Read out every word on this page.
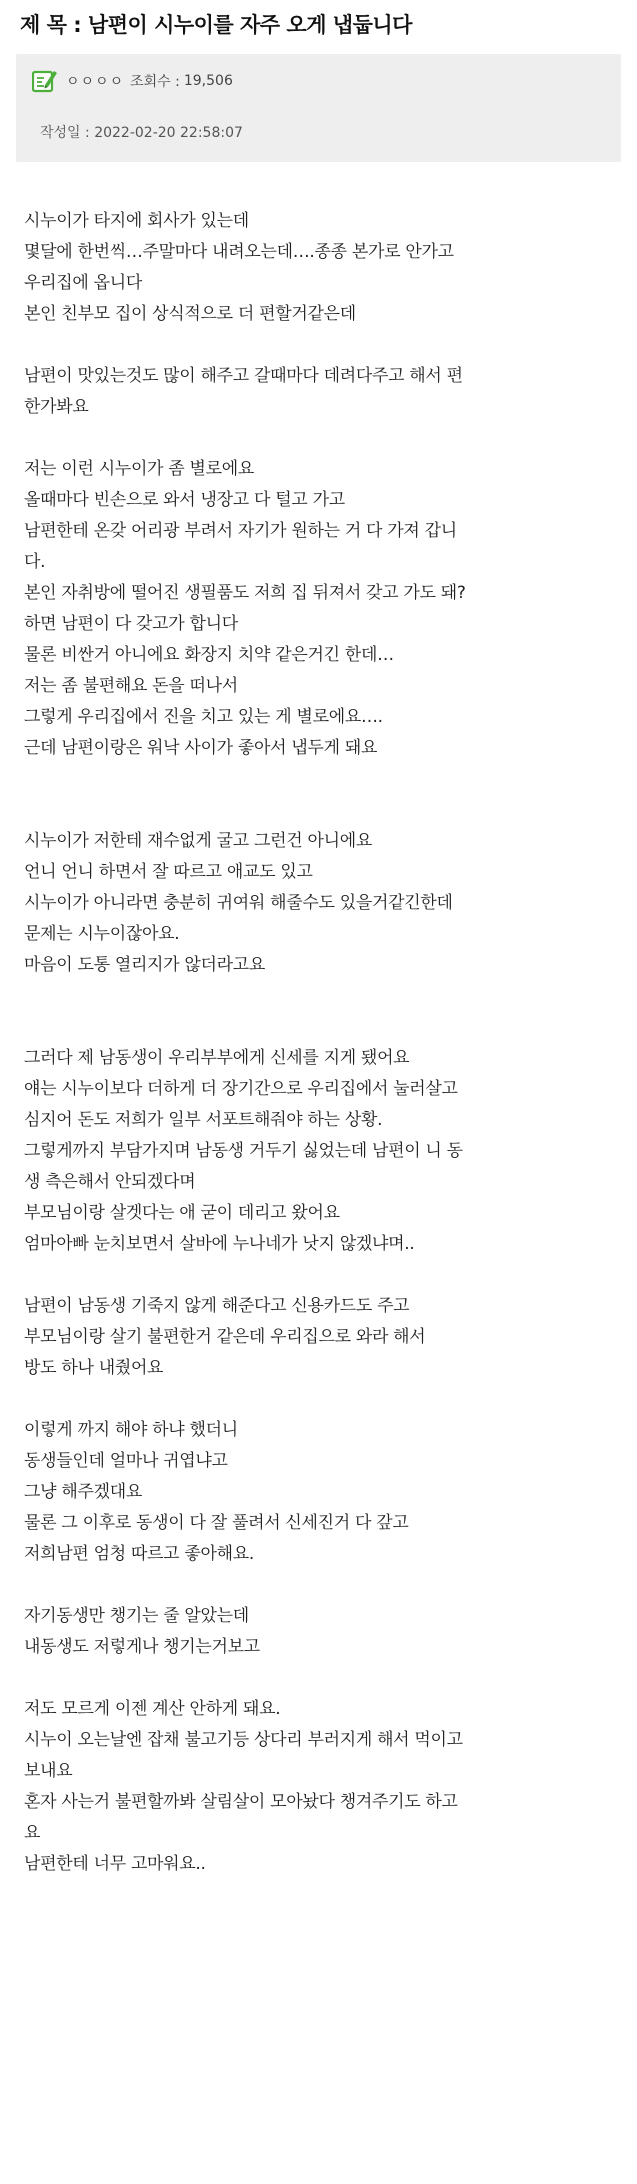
제 목 : 남편이 시누이를 자주 오게 냅둡니다
ㅇㅇㅇㅇ 조회수 : 19,506
작성일 : 2022-02-20 22:58:07
시누이가 타지에 회사가 있는데
몇달에 한번씩…주말마다 내려오는데….종종 본가로 안가고
우리집에 옵니다
본인 친부모 집이 상식적으로 더 편할거같은데
남편이 맛있는것도 많이 해주고 갈때마다 데려다주고 해서 편
한가봐요
저는 이런 시누이가 좀 별로에요
올때마다 빈손으로 와서 냉장고 다 털고 가고
남편한테 온갖 어리광 부려서 자기가 원하는 거 다 가져 갑니
다.
본인 자취방에 떨어진 생필품도 저희 집 뒤져서 갖고 가도 돼?
하면 남편이 다 갖고가 합니다
물론 비싼거 아니에요 화장지 치약 같은거긴 한데…
저는 좀 불편해요 돈을 떠나서
그렇게 우리집에서 진을 치고 있는 게 별로에요….
근데 남편이랑은 워낙 사이가 좋아서 냅두게 돼요
시누이가 저한테 재수없게 굴고 그런건 아니에요
언니 언니 하면서 잘 따르고 애교도 있고
시누이가 아니라면 충분히 귀여워 해줄수도 있을거같긴한데
문제는 시누이잖아요.
마음이 도통 열리지가 않더라고요
그러다 제 남동생이 우리부부에게 신세를 지게 됐어요
얘는 시누이보다 더하게 더 장기간으로 우리집에서 눌러살고
심지어 돈도 저희가 일부 서포트해줘야 하는 상황.
그렇게까지 부담가지며 남동생 거두기 싫었는데 남편이 니 동
생 측은해서 안되겠다며
부모님이랑 살겟다는 애 굳이 데리고 왔어요
엄마아빠 눈치보면서 살바에 누나네가 낫지 않겠냐며..
남편이 남동생 기죽지 않게 해준다고 신용카드도 주고
부모님이랑 살기 불편한거 같은데 우리집으로 와라 해서
방도 하나 내줬어요
이렇게 까지 해야 하냐 했더니
동생들인데 얼마나 귀엽냐고
그냥 해주겠대요
물론 그 이후로 동생이 다 잘 풀려서 신세진거 다 갚고
저희남편 엄청 따르고 좋아해요.
자기동생만 챙기는 줄 알았는데
내동생도 저렇게나 챙기는거보고
저도 모르게 이젠 계산 안하게 돼요.
시누이 오는날엔 잡채 불고기등 상다리 부러지게 해서 먹이고
보내요
혼자 사는거 불편할까봐 살림살이 모아놨다 챙겨주기도 하고
요
남편한테 너무 고마워요..
